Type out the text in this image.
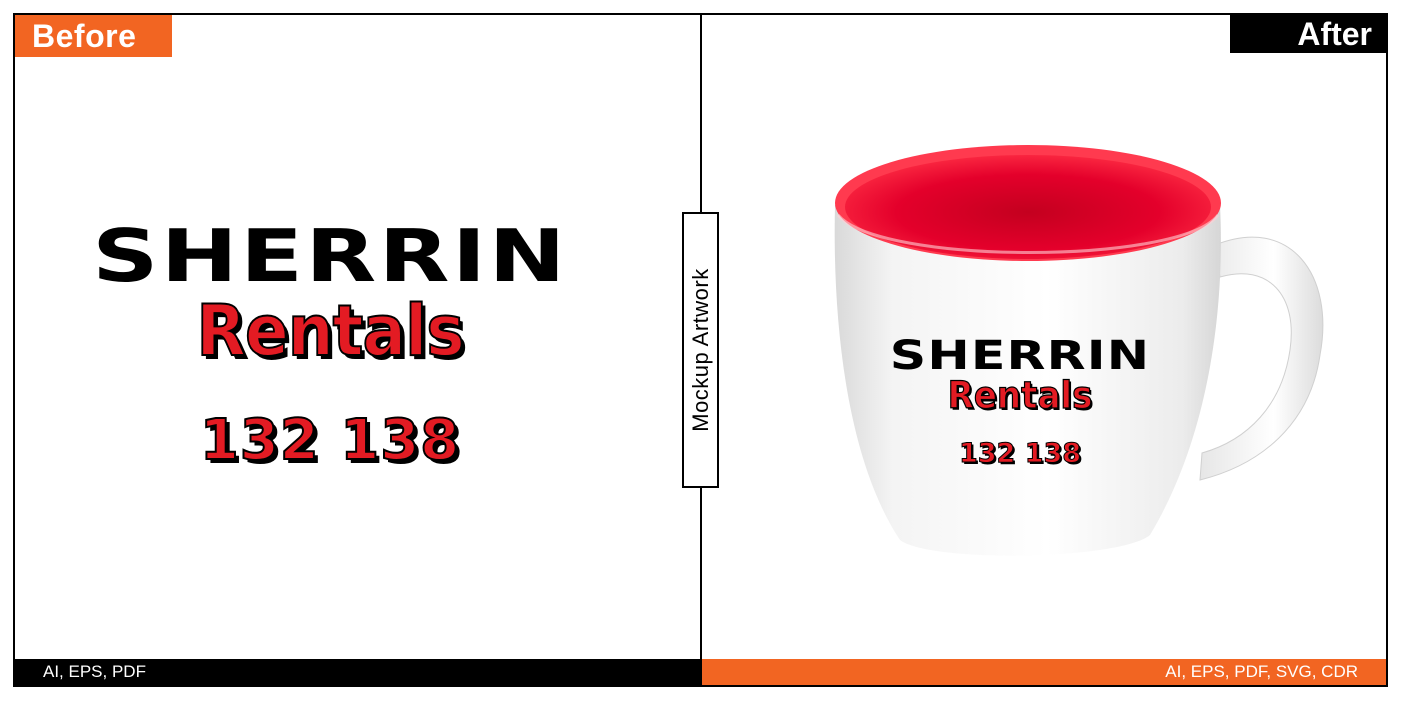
Before	After
SHERRIN
Rentals
132 138
Mockup Artwork	SHERRIN
Rentals
132 138
AI, EPS, PDF	AI, EPS, PDF, SVG, CDR
